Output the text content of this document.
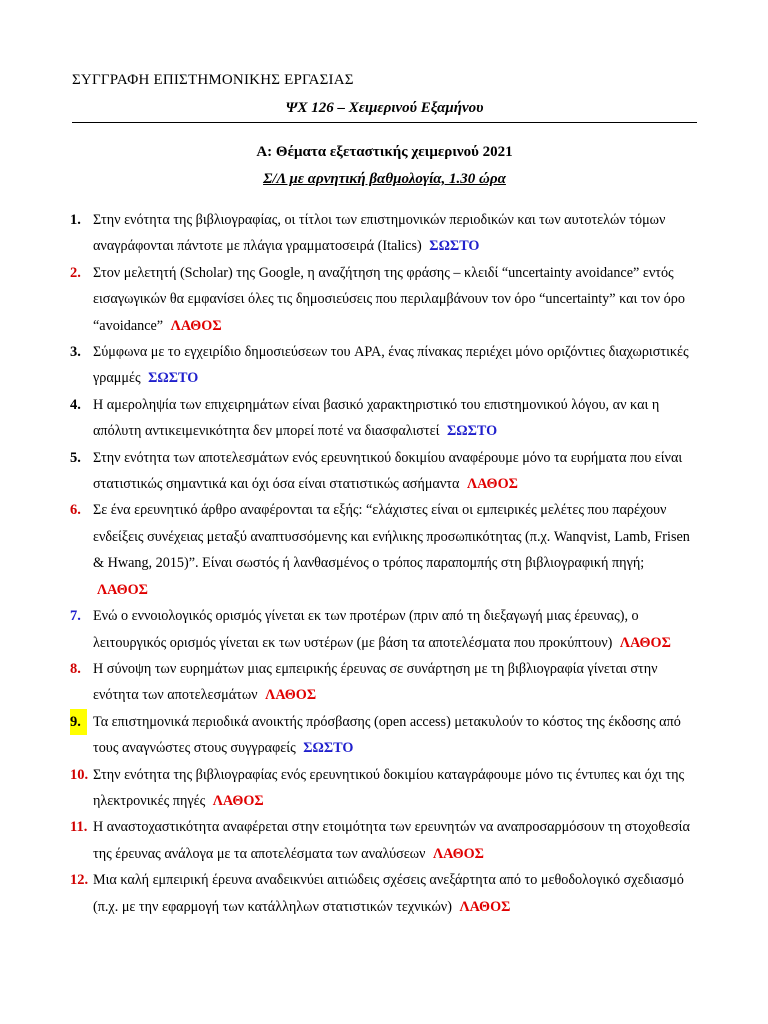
ΣΥΓΓΡΑΦΗ ΕΠΙΣΤΗΜΟΝΙΚΗΣ ΕΡΓΑΣΙΑΣ
ΨΧ 126 – Χειμερινού Εξαμήνου
Α: Θέματα εξεταστικής χειμερινού 2021
Σ/Λ με αρνητική βαθμολογία, 1.30 ώρα

1. Στην ενότητα της βιβλιογραφίας, οι τίτλοι των επιστημονικών περιοδικών και των αυτοτελών τόμων αναγράφονται πάντοτε με πλάγια γραμματοσειρά (Italics) ΣΩΣΤΟ

2. Στον μελετητή (Scholar) της Google, η αναζήτηση της φράσης – κλειδί “uncertainty avoidance” εντός εισαγωγικών θα εμφανίσει όλες τις δημοσιεύσεις που περιλαμβάνουν τον όρο “uncertainty” και τον όρο “avoidance” ΛΑΘΟΣ

3. Σύμφωνα με το εγχειρίδιο δημοσιεύσεων του APA, ένας πίνακας περιέχει μόνο οριζόντιες διαχωριστικές γραμμές ΣΩΣΤΟ

4. Η αμεροληψία των επιχειρημάτων είναι βασικό χαρακτηριστικό του επιστημονικού λόγου, αν και η απόλυτη αντικειμενικότητα δεν μπορεί ποτέ να διασφαλιστεί ΣΩΣΤΟ

5. Στην ενότητα των αποτελεσμάτων ενός ερευνητικού δοκιμίου αναφέρουμε μόνο τα ευρήματα που είναι στατιστικώς σημαντικά και όχι όσα είναι στατιστικώς ασήμαντα ΛΑΘΟΣ

6. Σε ένα ερευνητικό άρθρο αναφέρονται τα εξής: “ελάχιστες είναι οι εμπειρικές μελέτες που παρέχουν ενδείξεις συνέχειας μεταξύ αναπτυσσόμενης και ενήλικης προσωπικότητας (π.χ. Wanqvist, Lamb, Frisen & Hwang, 2015)”. Είναι σωστός ή λανθασμένος ο τρόπος παραπομπής στη βιβλιογραφική πηγή; ΛΑΘΟΣ

7. Ενώ ο εννοιολογικός ορισμός γίνεται εκ των προτέρων (πριν από τη διεξαγωγή μιας έρευνας), ο λειτουργικός ορισμός γίνεται εκ των υστέρων (με βάση τα αποτελέσματα που προκύπτουν) ΛΑΘΟΣ

8. Η σύνοψη των ευρημάτων μιας εμπειρικής έρευνας σε συνάρτηση με τη βιβλιογραφία γίνεται στην ενότητα των αποτελεσμάτων ΛΑΘΟΣ

9. Τα επιστημονικά περιοδικά ανοικτής πρόσβασης (open access) μετακυλούν το κόστος της έκδοσης από τους αναγνώστες στους συγγραφείς ΣΩΣΤΟ

10. Στην ενότητα της βιβλιογραφίας ενός ερευνητικού δοκιμίου καταγράφουμε μόνο τις έντυπες και όχι της ηλεκτρονικές πηγές ΛΑΘΟΣ

11. Η αναστοχαστικότητα αναφέρεται στην ετοιμότητα των ερευνητών να αναπροσαρμόσουν τη στοχοθεσία της έρευνας ανάλογα με τα αποτελέσματα των αναλύσεων ΛΑΘΟΣ

12. Μια καλή εμπειρική έρευνα αναδεικνύει αιτιώδεις σχέσεις ανεξάρτητα από το μεθοδολογικό σχεδιασμό (π.χ. με την εφαρμογή των κατάλληλων στατιστικών τεχνικών) ΛΑΘΟΣ
